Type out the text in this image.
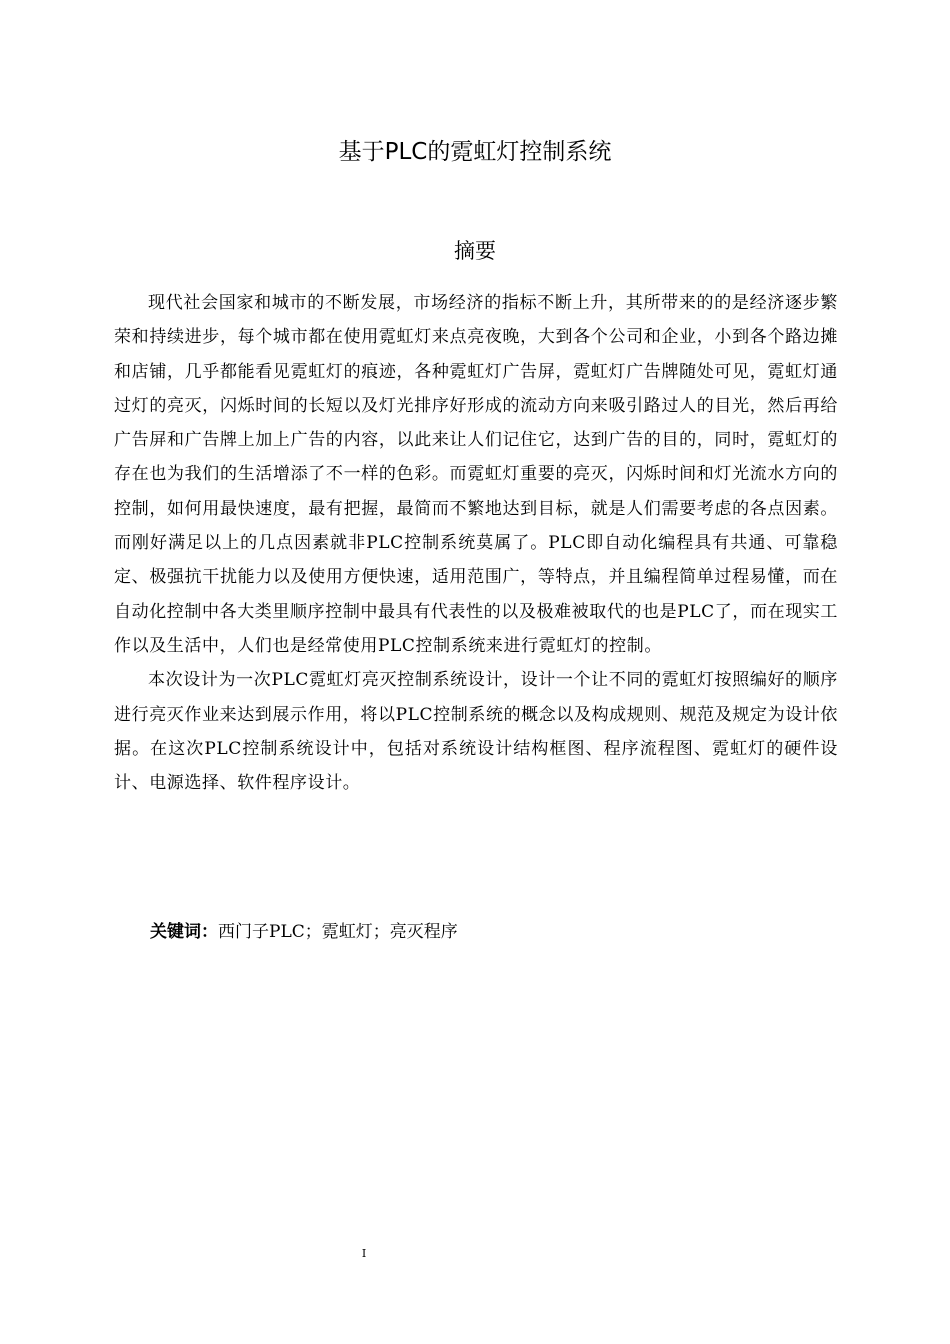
基于PLC的霓虹灯控制系统
摘要

现代社会国家和城市的不断发展，市场经济的指标不断上升，其所带来的的是经济逐步繁荣和持续进步，每个城市都在使用霓虹灯来点亮夜晚，大到各个公司和企业，小到各个路边摊和店铺，几乎都能看见霓虹灯的痕迹，各种霓虹灯广告屏，霓虹灯广告牌随处可见，霓虹灯通过灯的亮灭，闪烁时间的长短以及灯光排序好形成的流动方向来吸引路过人的目光，然后再给广告屏和广告牌上加上广告的内容，以此来让人们记住它，达到广告的目的，同时，霓虹灯的存在也为我们的生活增添了不一样的色彩。而霓虹灯重要的亮灭，闪烁时间和灯光流水方向的控制，如何用最快速度，最有把握，最简而不繁地达到目标，就是人们需要考虑的各点因素。而刚好满足以上的几点因素就非PLC控制系统莫属了。PLC即自动化编程具有共通、可靠稳定、极强抗干扰能力以及使用方便快速，适用范围广，等特点，并且编程简单过程易懂，而在自动化控制中各大类里顺序控制中最具有代表性的以及极难被取代的也是PLC了，而在现实工作以及生活中，人们也是经常使用PLC控制系统来进行霓虹灯的控制。

本次设计为一次PLC霓虹灯亮灭控制系统设计，设计一个让不同的霓虹灯按照编好的顺序进行亮灭作业来达到展示作用，将以PLC控制系统的概念以及构成规则、规范及规定为设计依据。在这次PLC控制系统设计中，包括对系统设计结构框图、程序流程图、霓虹灯的硬件设计、电源选择、软件程序设计。

关键词：西门子PLC；霓虹灯；亮灭程序

I
